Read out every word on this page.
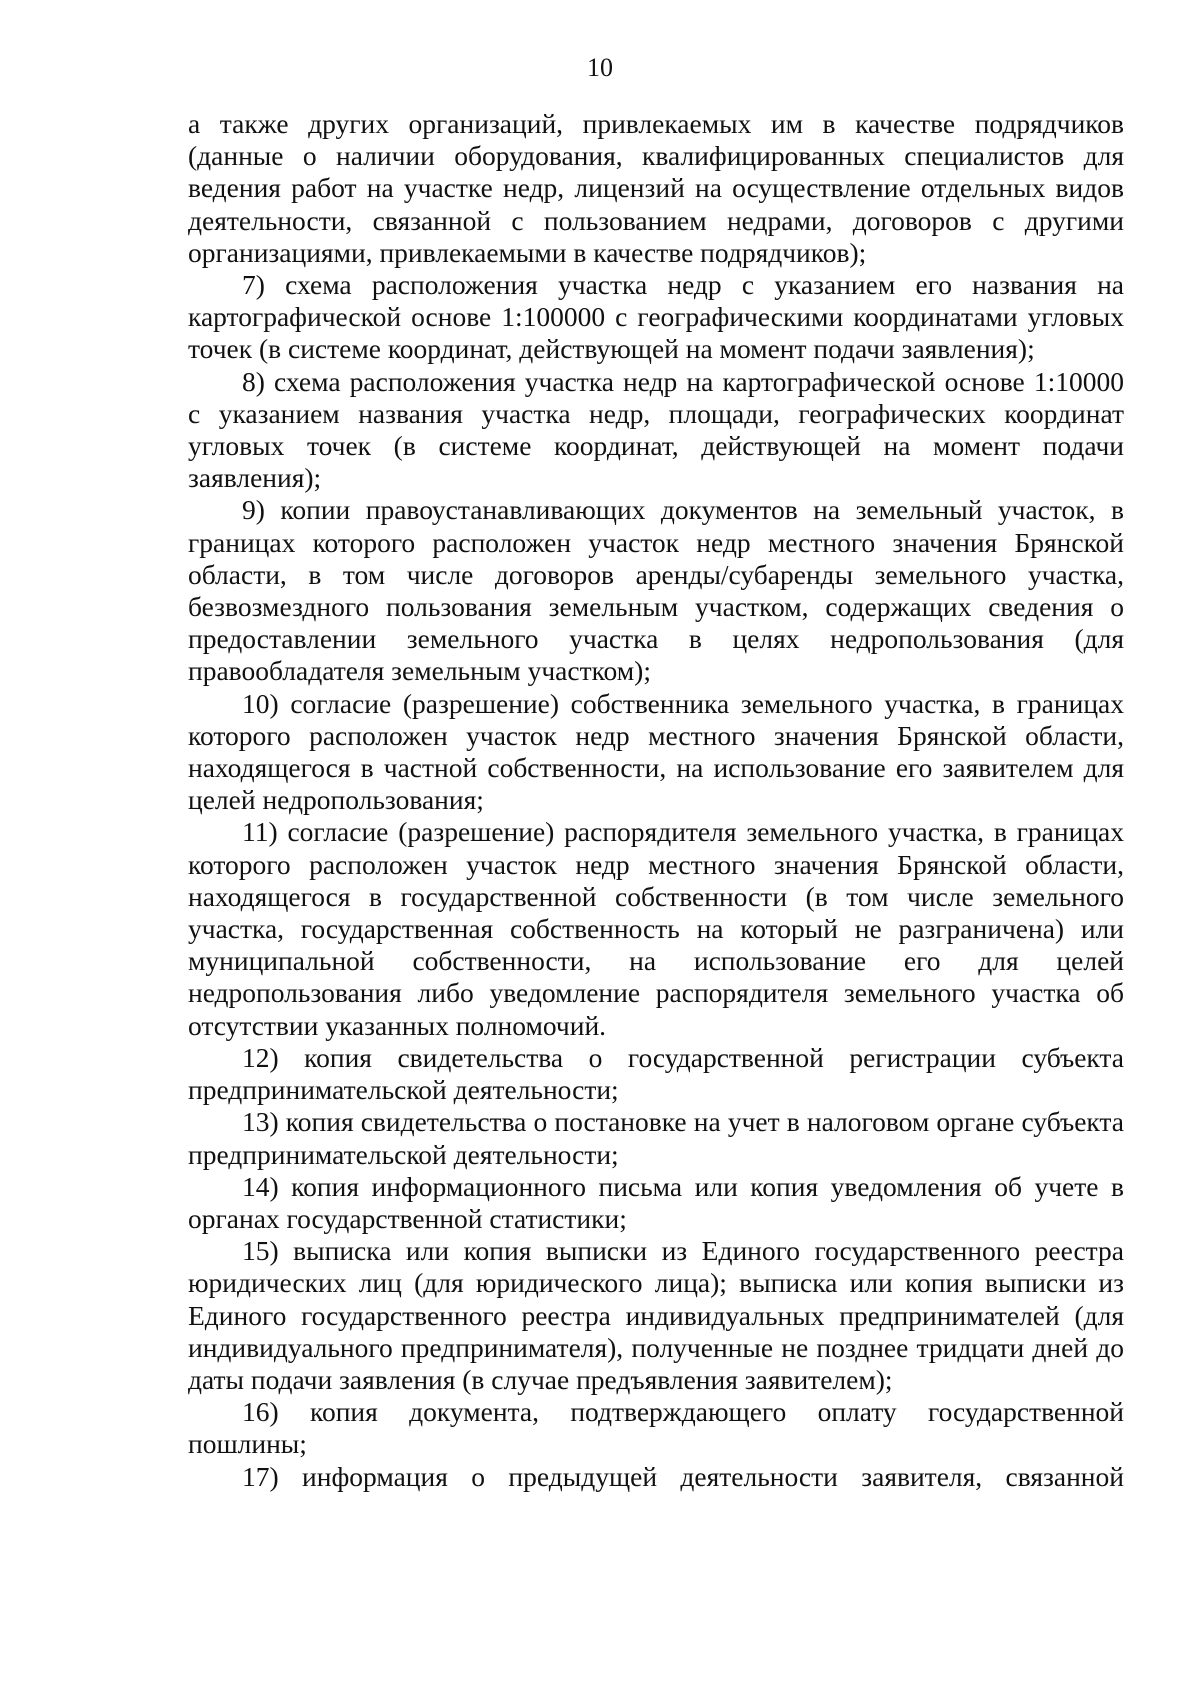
10

а также других организаций, привлекаемых им в качестве подрядчиков (данные о наличии оборудования, квалифицированных специалистов для ведения работ на участке недр, лицензий на осуществление отдельных видов деятельности, связанной с пользованием недрами, договоров с другими организациями, привлекаемыми в качестве подрядчиков);

7) схема расположения участка недр с указанием его названия на картографической основе 1:100000 с географическими координатами угловых точек (в системе координат, действующей на момент подачи заявления);

8) схема расположения участка недр на картографической основе 1:10000 с указанием названия участка недр, площади, географических координат угловых точек (в системе координат, действующей на момент подачи заявления);

9) копии правоустанавливающих документов на земельный участок, в границах которого расположен участок недр местного значения Брянской области, в том числе договоров аренды/субаренды земельного участка, безвозмездного пользования земельным участком, содержащих сведения о предоставлении земельного участка в целях недропользования (для правообладателя земельным участком);

10) согласие (разрешение) собственника земельного участка, в границах которого расположен участок недр местного значения Брянской области, находящегося в частной собственности, на использование его заявителем для целей недропользования;

11) согласие (разрешение) распорядителя земельного участка, в границах которого расположен участок недр местного значения Брянской области, находящегося в государственной собственности (в том числе земельного участка, государственная собственность на который не разграничена) или муниципальной собственности, на использование его для целей недропользования либо уведомление распорядителя земельного участка об отсутствии указанных полномочий.

12) копия свидетельства о государственной регистрации субъекта предпринимательской деятельности;

13) копия свидетельства о постановке на учет в налоговом органе субъекта предпринимательской деятельности;

14) копия информационного письма или копия уведомления об учете в органах государственной статистики;

15) выписка или копия выписки из Единого государственного реестра юридических лиц (для юридического лица); выписка или копия выписки из Единого государственного реестра индивидуальных предпринимателей (для индивидуального предпринимателя), полученные не позднее тридцати дней до даты подачи заявления (в случае предъявления заявителем);

16) копия документа, подтверждающего оплату государственной пошлины;

17) информация о предыдущей деятельности заявителя, связанной
